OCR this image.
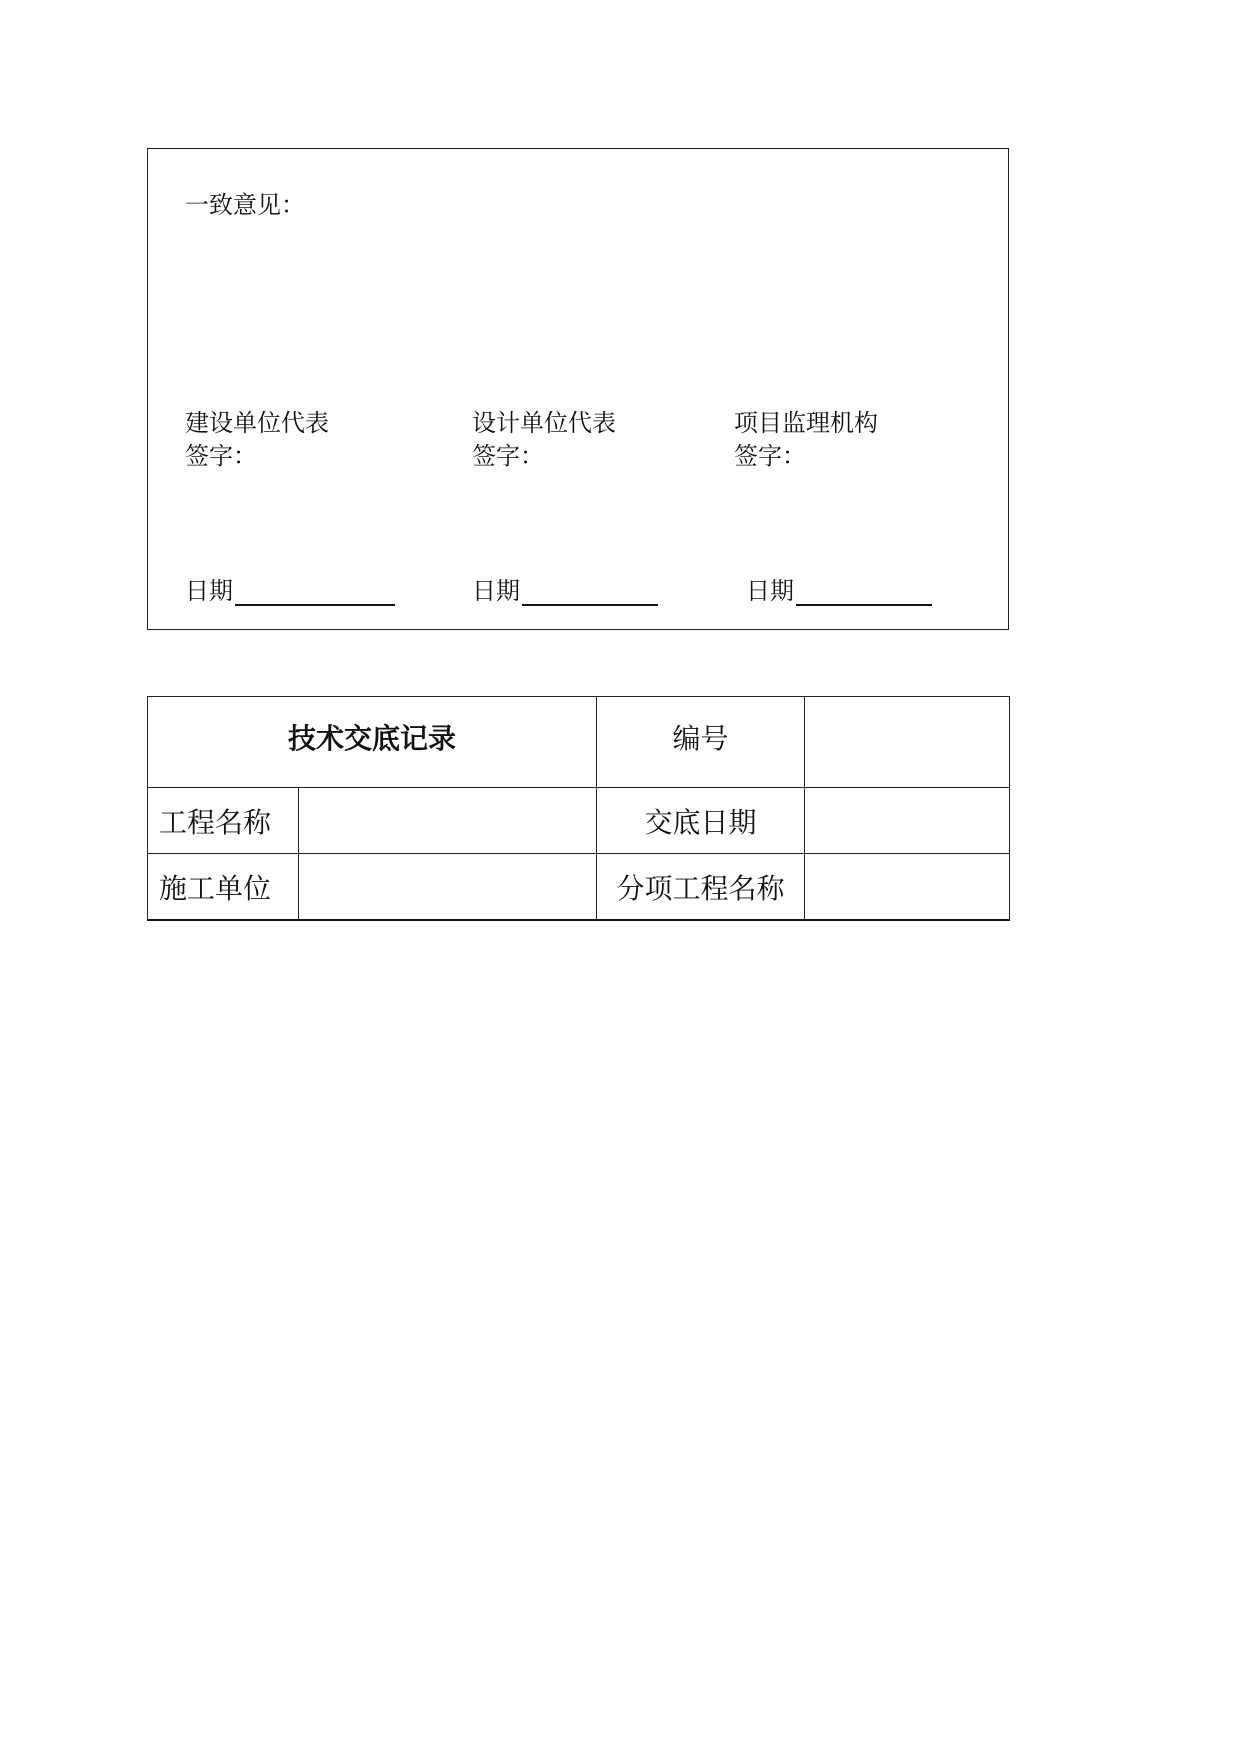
一致意见：
建设单位代表
签字：
设计单位代表
签字：
项目监理机构
签字：
日期	日期	日期
技术交底记录		编号	
工程名称		交底日期	
施工单位		分项工程名称	
